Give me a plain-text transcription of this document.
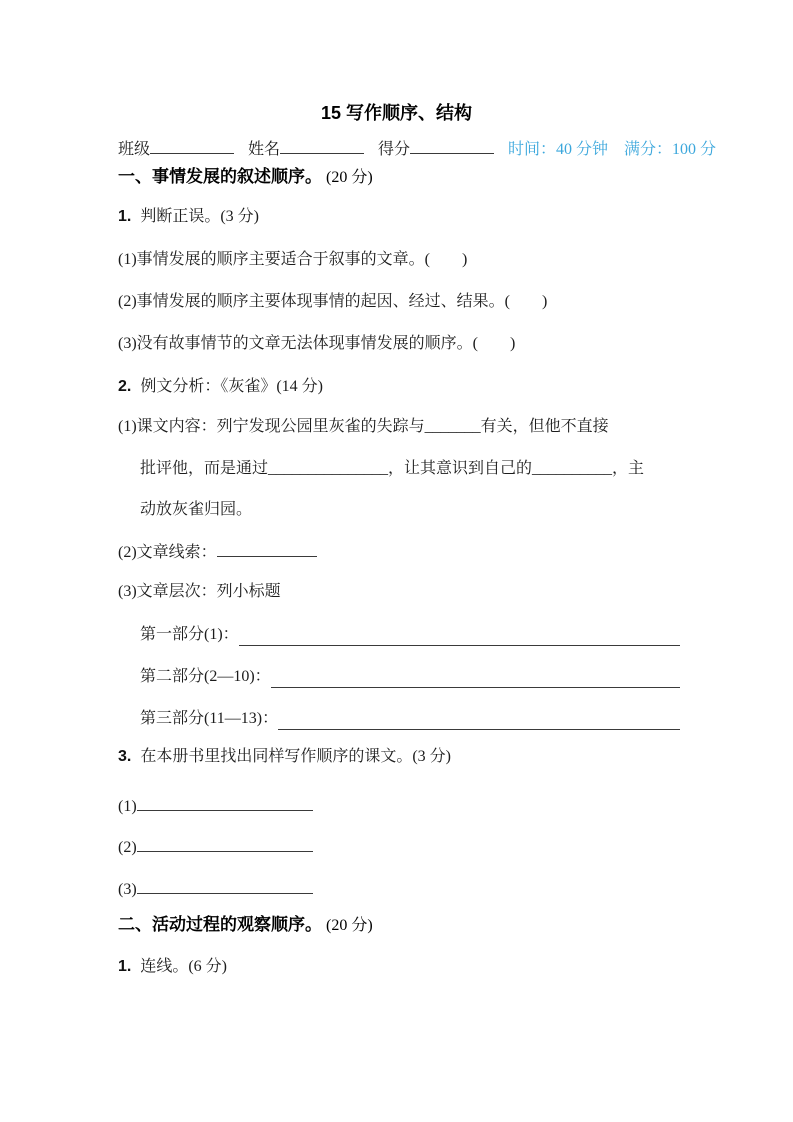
15 写作顺序、结构
班级	姓名	得分	时间：40 分钟　满分：100 分
一、事情发展的叙述顺序。 (20 分)
1. 判断正误。(3 分)
(1)事情发展的顺序主要适合于叙事的文章。(　　)
(2)事情发展的顺序主要体现事情的起因、经过、结果。(　　)
(3)没有故事情节的文章无法体现事情发展的顺序。(　　)
2. 例文分析：《灰雀》(14 分)
(1)课文内容：列宁发现公园里灰雀的失踪与_______有关，但他不直接
批评他，而是通过_______________，让其意识到自己的__________，主
动放灰雀归园。
(2)文章线索：
(3)文章层次：列小标题
第一部分(1)：
第二部分(2—10)：
第三部分(11—13)：
3. 在本册书里找出同样写作顺序的课文。(3 分)
(1)
(2)
(3)
二、活动过程的观察顺序。 (20 分)
1. 连线。(6 分)
